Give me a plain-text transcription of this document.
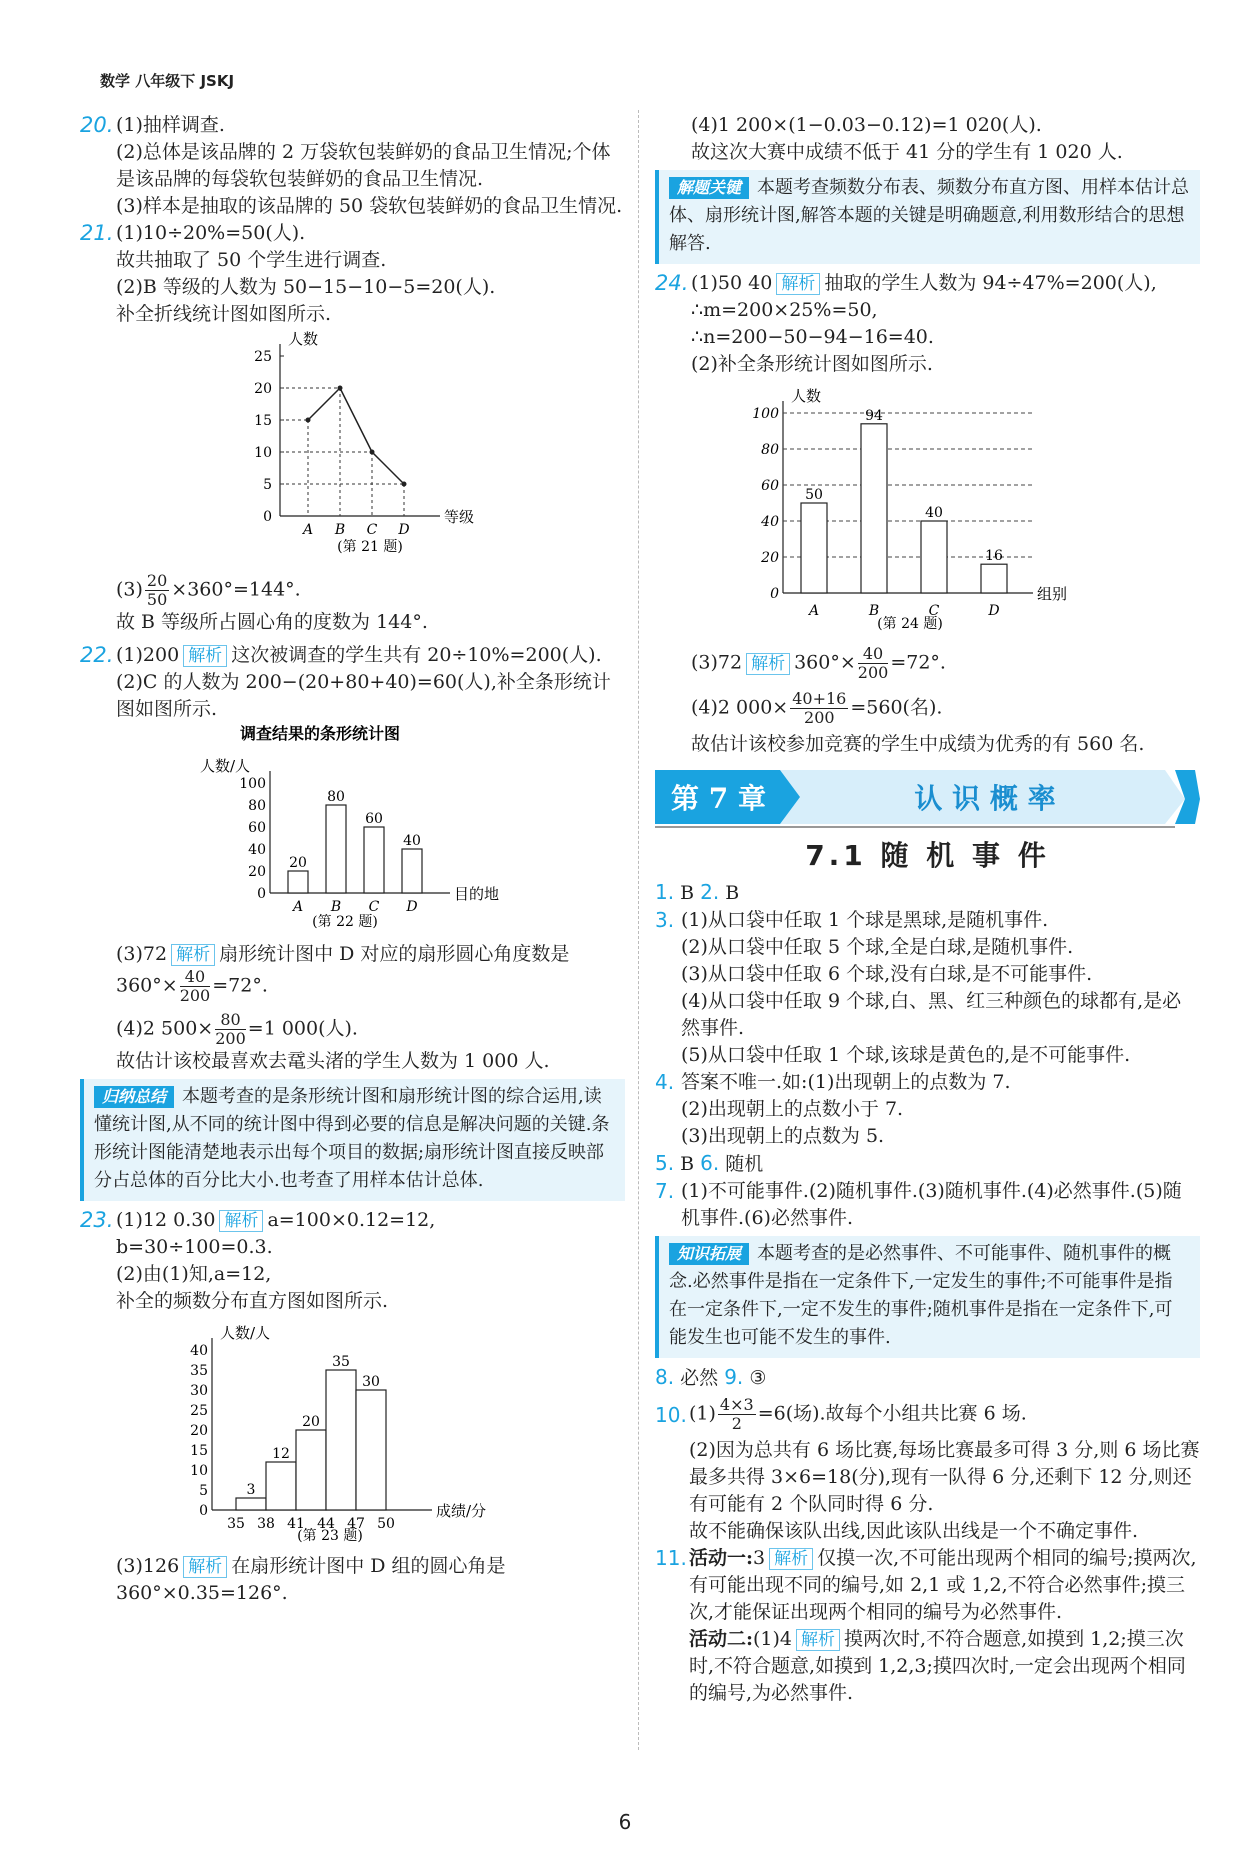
数学 八年级下 JSKJ
20. (1)抽样调查.
(2)总体是该品牌的 2 万袋软包装鲜奶的食品卫生情况;个体是该品牌的每袋软包装鲜奶的食品卫生情况.
(3)样本是抽取的该品牌的 50 袋软包装鲜奶的食品卫生情况.
21. (1)10÷20%=50(人).
故共抽取了 50 个学生进行调查.
(2)B 等级的人数为 50−15−10−5=20(人).
补全折线统计图如图所示.
人数
等级
(第 21 题)
0
5
10
15
20
25
A B C D
$(3) \frac{20}{50} \times 360^\circ=144^\circ$.
故 B 等级所占圆心角的度数为 144°.
22. (1)200 解析 这次被调查的学生共有 20÷10%=200(人).
(2)C 的人数为 200−(20+80+40)=60(人),补全条形统计图如图所示.
调查结果的条形统计图
人数/人
目的地
(第 22 题)
0
20
40
60
80
100
20
A
80
B
60
C
40
D
(3)72 解析 扇形统计图中 D 对应的扇形圆心角度数是 $360^\circ\times \frac{40}{200} =72^\circ$.
(4)2 $500\times \frac{80}{200} =1$ 000(人).
故估计该校最喜欢去鼋头渚的学生人数为 1 000 人.
归纳总结 本题考查的是条形统计图和扇形统计图的综合运用,读懂统计图,从不同的统计图中得到必要的信息是解决问题的关键.条形统计图能清楚地表示出每个项目的数据;扇形统计图直接反映部分占总体的百分比大小.也考查了用样本估计总体.
23. (1)12 0.30 解析 a=100×0.12=12,
b=30÷100=0.3.
(2)由(1)知,a=12,
补全的频数分布直方图如图所示.
人数/人
成绩/分
(第 23 题)
0
5
10
15
20
25
30
35
40
3
12
20
35
30
35 38 41 44 47 50
(3)126 解析 在扇形统计图中 D 组的圆心角是 360°×0.35=126°.
(4)1 200×(1−0.03−0.12)=1 020(人).
故这次大赛中成绩不低于 41 分的学生有 1 020 人.
解题关键 本题考查频数分布表、频数分布直方图、用样本估计总体、扇形统计图,解答本题的关键是明确题意,利用数形结合的思想解答.
24. (1)50 40 解析 抽取的学生人数为 94÷47%=200(人),
∴m=200×25%=50,
∴n=200−50−94−16=40.
(2)补全条形统计图如图所示.
人数
组别
(第 24 题)
0
20
40
60
80
100
50
A
94
B
40
C
16
D
(3)72 解析 $360^\circ\times \frac{40}{200} =72^\circ$.
(4)2 $000\times \frac{40+16}{200} =560$(名).
故估计该校参加竞赛的学生中成绩为优秀的有 560 名.
第 7 章	认 识 概 率
7.1 随 机 事 件
1. B 2. B
3. (1)从口袋中任取 1 个球是黑球,是随机事件.
(2)从口袋中任取 5 个球,全是白球,是随机事件.
(3)从口袋中任取 6 个球,没有白球,是不可能事件.
(4)从口袋中任取 9 个球,白、黑、红三种颜色的球都有,是必然事件.
(5)从口袋中任取 1 个球,该球是黄色的,是不可能事件.
4. 答案不唯一.如:(1)出现朝上的点数为 7.
(2)出现朝上的点数小于 7.
(3)出现朝上的点数为 5.
5. B 6. 随机
7. (1)不可能事件.(2)随机事件.(3)随机事件.(4)必然事件.(5)随机事件.(6)必然事件.
知识拓展 本题考查的是必然事件、不可能事件、随机事件的概念.必然事件是指在一定条件下,一定发生的事件;不可能事件是指在一定条件下,一定不发生的事件;随机事件是指在一定条件下,可能发生也可能不发生的事件.
8. 必然 9. ③
10. $(1) \frac{4\times 3}{2} =6$(场).故每个小组共比赛 6 场.
(2)因为总共有 6 场比赛,每场比赛最多可得 3 分,则 6 场比赛最多共得 3×6=18(分),现有一队得 6 分,还剩下 12 分,则还有可能有 2 个队同时得 6 分.
故不能确保该队出线,因此该队出线是一个不确定事件.
11. 活动一:3 解析 仅摸一次,不可能出现两个相同的编号;摸两次,有可能出现不同的编号,如 2,1 或 1,2,不符合必然事件;摸三次,才能保证出现两个相同的编号为必然事件.
活动二:(1)4 解析 摸两次时,不符合题意,如摸到 1,2;摸三次时,不符合题意,如摸到 1,2,3;摸四次时,一定会出现两个相同的编号,为必然事件.
6
